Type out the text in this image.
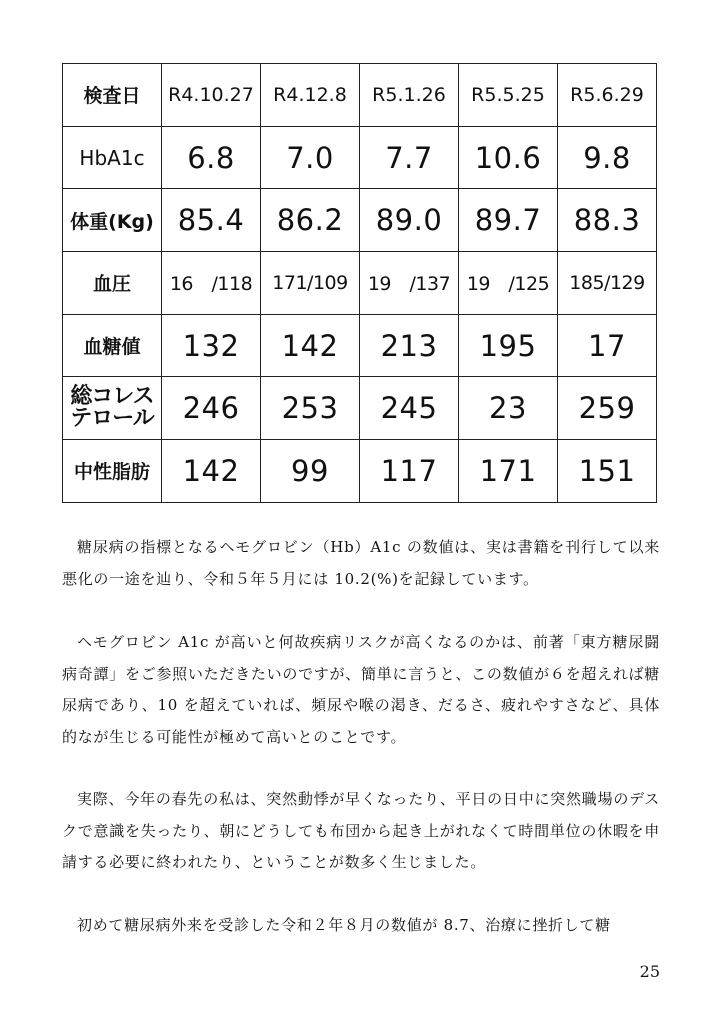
検査日	R4.10.27	R4.12.8	R5.1.26	R5.5.25	R5.6.29
HbA1c	6.8	7.0	7.7	10.6	9.8
体重(Kg)	85.4	86.2	89.0	89.7	88.3
血圧	16　/118	171/109	19　/137	19　/125	185/129
血糖値	132	142	213	195	17

総コレス
テロール	246	253	245	23	259
中性脂肪	142	99	117	171	151

糖尿病の指標となるヘモグロビン（Hb）A1c の数値は、実は書籍を刊行して以来悪化の一途を辿り、令和５年５月には 10.2(%)を記録しています。

ヘモグロビン A1c が高いと何故疾病リスクが高くなるのかは、前著「東方糖尿闘病奇譚」をご参照いただきたいのですが、簡単に言うと、この数値が６を超えれば糖尿病であり、10 を超えていれば、頻尿や喉の渇き、だるさ、疲れやすさなど、具体的なが生じる可能性が極めて高いとのことです。

実際、今年の春先の私は、突然動悸が早くなったり、平日の日中に突然職場のデスクで意識を失ったり、朝にどうしても布団から起き上がれなくて時間単位の休暇を申請する必要に終われたり、ということが数多く生じました。

初めて糖尿病外来を受診した令和２年８月の数値が 8.7、治療に挫折して糖

25
